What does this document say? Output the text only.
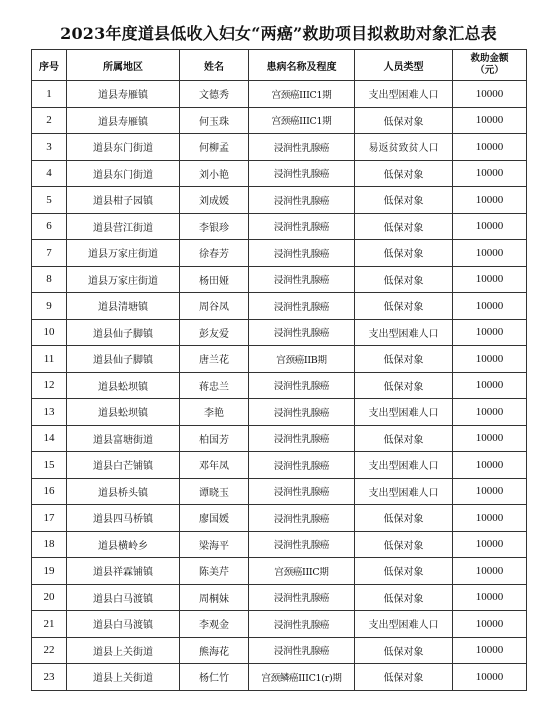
2023年度道县低收入妇女“两癌”救助项目拟救助对象汇总表
序号	所属地区	姓名	患病名称及程度	人员类型	救助金额
（元）

1	道县寿雁镇	文德秀	宫颈癌IIIC1期	支出型困难人口	10000
2	道县寿雁镇	何玉珠	宫颈癌IIIC1期	低保对象	10000
3	道县东门街道	何柳孟	浸润性乳腺癌	易返贫致贫人口	10000
4	道县东门街道	刘小艳	浸润性乳腺癌	低保对象	10000
5	道县柑子园镇	刘成媛	浸润性乳腺癌	低保对象	10000
6	道县营江街道	李银珍	浸润性乳腺癌	低保对象	10000
7	道县万家庄街道	徐春芳	浸润性乳腺癌	低保对象	10000
8	道县万家庄街道	杨田娅	浸润性乳腺癌	低保对象	10000
9	道县清塘镇	周谷凤	浸润性乳腺癌	低保对象	10000
10	道县仙子脚镇	彭友爱	浸润性乳腺癌	支出型困难人口	10000
11	道县仙子脚镇	唐兰花	宫颈癌IIB期	低保对象	10000
12	道县蚣坝镇	蒋忠兰	浸润性乳腺癌	低保对象	10000
13	道县蚣坝镇	李艳	浸润性乳腺癌	支出型困难人口	10000
14	道县富塘街道	柏国芳	浸润性乳腺癌	低保对象	10000
15	道县白芒铺镇	邓年凤	浸润性乳腺癌	支出型困难人口	10000
16	道县桥头镇	谭晓玉	浸润性乳腺癌	支出型困难人口	10000
17	道县四马桥镇	廖国媛	浸润性乳腺癌	低保对象	10000
18	道县横岭乡	梁海平	浸润性乳腺癌	低保对象	10000
19	道县祥霖铺镇	陈美芹	宫颈癌IIIC期	低保对象	10000
20	道县白马渡镇	周桐妹	浸润性乳腺癌	低保对象	10000
21	道县白马渡镇	李观金	浸润性乳腺癌	支出型困难人口	10000
22	道县上关街道	熊海花	浸润性乳腺癌	低保对象	10000
23	道县上关街道	杨仁竹	宫颈鳞癌IIIC1(r)期	低保对象	10000
